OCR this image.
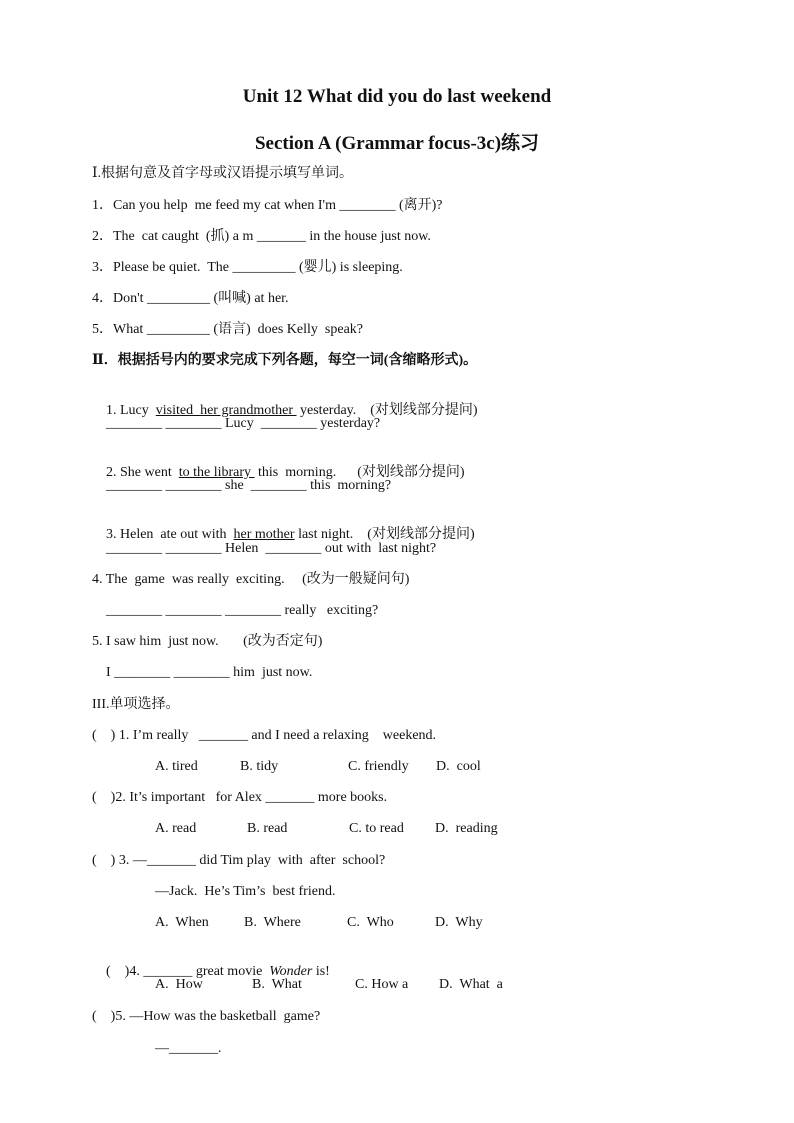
Unit 12 What did you do last weekend
Section A (Grammar focus-3c)练习
Ⅰ.根据句意及首字母或汉语提示填写单词。
1．Can you help  me feed my cat when I'm ________ (离开)?
2．The  cat caught  (抓) a m _______ in the house just now.
3．Please be quiet.  The _________ (婴儿) is sleeping.
4．Don't _________ (叫喊) at her.
5．What _________ (语言)  does Kelly  speak?
Ⅱ．根据括号内的要求完成下列各题，每空一词(含缩略形式)。

1. Lucy  visited  her grandmother  yesterday.    (对划线部分提问)

________ ________ Lucy  ________ yesterday?

2. She went  to the library  this  morning.      (对划线部分提问)

________ ________ she  ________ this  morning?

3. Helen  ate out with  her mother last night.    (对划线部分提问)

________ ________ Helen  ________ out with  last night?
4. The  game  was really  exciting.     (改为一般疑问句)
________ ________ ________ really   exciting?
5. I saw him  just now.       (改为否定句)
I ________ ________ him  just now.
III.单项选择。
(    ) 1. I’m really   _______ and I need a relaxing    weekend.
A. tired	B. tidy	C. friendly D.  cool
(    )2. It’s important   for Alex _______ more books.
A. read	B. read	C. to read D.  reading
(    ) 3. —_______ did Tim play  with  after  school?
—Jack.  He’s Tim’s  best friend.
A.  When	B.  Where	C.  Who	D.  Why

(    )4. _______ great movie  Wonder is!

A.  How	B.  What	C. How a D.  What  a
(    )5. —How was the basketball  game?
—_______.
